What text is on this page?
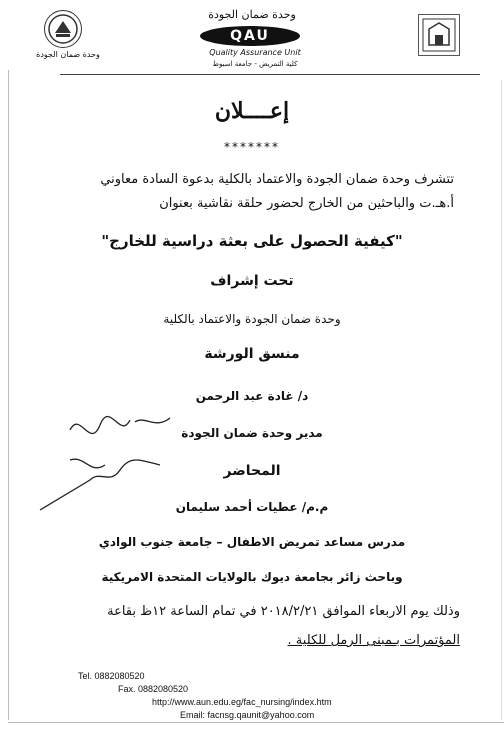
وحدة ضمان الجودة
وحدة ضمان الجودة
QAU
Quality Assurance Unit
كلية التمريض - جامعة اسيوط
إعــــلان
*******
تتشرف وحدة ضمان الجودة والاعتماد بالكلية بدعوة السادة معاوني
أ.هـ.ت والباحثين من الخارج لحضور حلقة نقاشية بعنوان
"كيفية الحصول على بعثة دراسية للخارج"
تحت إشراف
وحدة ضمان الجودة والاعتماد بالكلية
منسق الورشة
د/ غادة عبد الرحمن
مدير وحدة ضمان الجودة
المحاضر
م.م/ عطيات أحمد سليمان
مدرس مساعد تمريض الاطفال – جامعة جنوب الوادي
وباحث زائر بجامعة ديوك بالولايات المتحدة الامريكية
وذلك يوم الاربعاء الموافق ٢٠١٨/٢/٢١ في تمام الساعة ١٢ظ بقاعة
المؤتمرات بـمبنى الرمل للكلية .
Tel. 0882080520
Fax. 0882080520
http://www.aun.edu.eg/fac_nursing/index.htm
Email: facnsg.qaunit@yahoo.com
